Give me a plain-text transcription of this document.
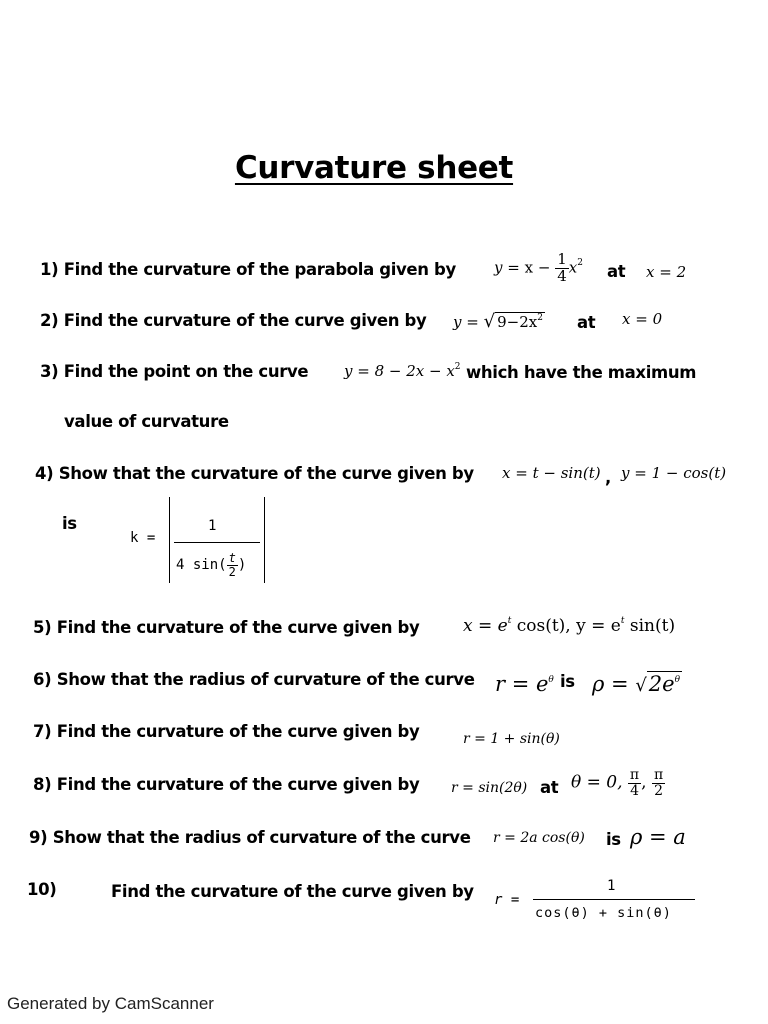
Curvature sheet
1) Find the curvature of the parabola given by	$y = x - \frac{1}{4} x^2$ at x = 2
2) Find the curvature of the curve given by y = √ $9-2x^2$ at x = 0
3) Find the point on the curve $y = 8 - 2x - x^2$ which have the maximum
value of curvature
4) Show that the curvature of the curve given by x = t − sin(t) , y = 1 − cos(t)
is
k =
1
4 $\sin( \frac{t}{2}$ )
5) Find the curvature of the curve given by	$x = e^t$ cos(t), $y = e^t$ sin(t)
6) Show that the radius of curvature of the curve $r = e^\theta$ is $\rho = √2e^\theta$
7) Find the curvature of the curve given by	r = 1 + sin(θ)
8) Find the curvature of the curve given by r = sin(2θ) at θ = 0, $\frac{\pi}{4}$ , $\frac{\pi}{2}$
9) Show that the radius of curvature of the curve r = 2a cos(θ) is ρ = a
10)	Find the curvature of the curve given by r =
1
cos(θ) + sin(θ)
Generated by CamScanner
